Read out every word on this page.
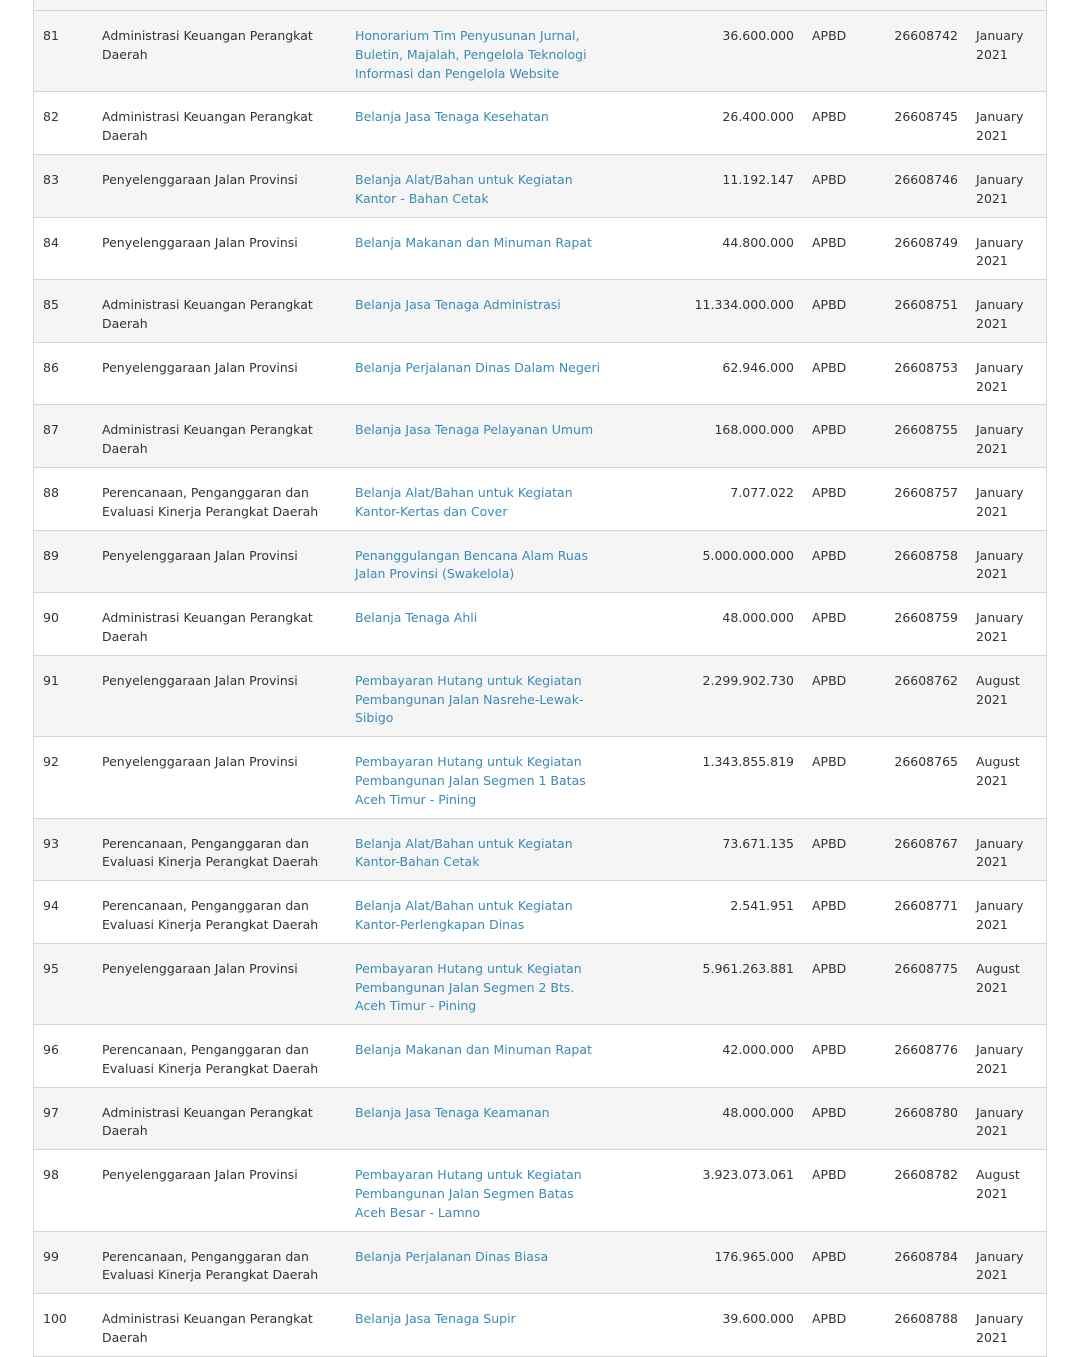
81	Administrasi Keuangan Perangkat Daerah	Honorarium Tim Penyusunan Jurnal, Buletin, Majalah, Pengelola Teknologi Informasi dan Pengelola Website	36.600.000	APBD	26608742	January 2021
82	Administrasi Keuangan Perangkat Daerah	Belanja Jasa Tenaga Kesehatan	26.400.000	APBD	26608745	January 2021
83	Penyelenggaraan Jalan Provinsi	Belanja Alat/Bahan untuk Kegiatan Kantor - Bahan Cetak	11.192.147	APBD	26608746	January 2021
84	Penyelenggaraan Jalan Provinsi	Belanja Makanan dan Minuman Rapat	44.800.000	APBD	26608749	January 2021
85	Administrasi Keuangan Perangkat Daerah	Belanja Jasa Tenaga Administrasi	11.334.000.000	APBD	26608751	January 2021
86	Penyelenggaraan Jalan Provinsi	Belanja Perjalanan Dinas Dalam Negeri	62.946.000	APBD	26608753	January 2021
87	Administrasi Keuangan Perangkat Daerah	Belanja Jasa Tenaga Pelayanan Umum	168.000.000	APBD	26608755	January 2021
88	Perencanaan, Penganggaran dan Evaluasi Kinerja Perangkat Daerah	Belanja Alat/Bahan untuk Kegiatan Kantor-Kertas dan Cover	7.077.022	APBD	26608757	January 2021
89	Penyelenggaraan Jalan Provinsi	Penanggulangan Bencana Alam Ruas Jalan Provinsi (Swakelola)	5.000.000.000	APBD	26608758	January 2021
90	Administrasi Keuangan Perangkat Daerah	Belanja Tenaga Ahli	48.000.000	APBD	26608759	January 2021
91	Penyelenggaraan Jalan Provinsi	Pembayaran Hutang untuk Kegiatan Pembangunan Jalan Nasrehe-Lewak-Sibigo	2.299.902.730	APBD	26608762	August 2021
92	Penyelenggaraan Jalan Provinsi	Pembayaran Hutang untuk Kegiatan Pembangunan Jalan Segmen 1 Batas Aceh Timur - Pining	1.343.855.819	APBD	26608765	August 2021
93	Perencanaan, Penganggaran dan Evaluasi Kinerja Perangkat Daerah	Belanja Alat/Bahan untuk Kegiatan Kantor-Bahan Cetak	73.671.135	APBD	26608767	January 2021
94	Perencanaan, Penganggaran dan Evaluasi Kinerja Perangkat Daerah	Belanja Alat/Bahan untuk Kegiatan Kantor-Perlengkapan Dinas	2.541.951	APBD	26608771	January 2021
95	Penyelenggaraan Jalan Provinsi	Pembayaran Hutang untuk Kegiatan Pembangunan Jalan Segmen 2 Bts. Aceh Timur - Pining	5.961.263.881	APBD	26608775	August 2021
96	Perencanaan, Penganggaran dan Evaluasi Kinerja Perangkat Daerah	Belanja Makanan dan Minuman Rapat	42.000.000	APBD	26608776	January 2021
97	Administrasi Keuangan Perangkat Daerah	Belanja Jasa Tenaga Keamanan	48.000.000	APBD	26608780	January 2021
98	Penyelenggaraan Jalan Provinsi	Pembayaran Hutang untuk Kegiatan Pembangunan Jalan Segmen Batas Aceh Besar - Lamno	3.923.073.061	APBD	26608782	August 2021
99	Perencanaan, Penganggaran dan Evaluasi Kinerja Perangkat Daerah	Belanja Perjalanan Dinas Biasa	176.965.000	APBD	26608784	January 2021
100	Administrasi Keuangan Perangkat Daerah	Belanja Jasa Tenaga Supir	39.600.000	APBD	26608788	January 2021
